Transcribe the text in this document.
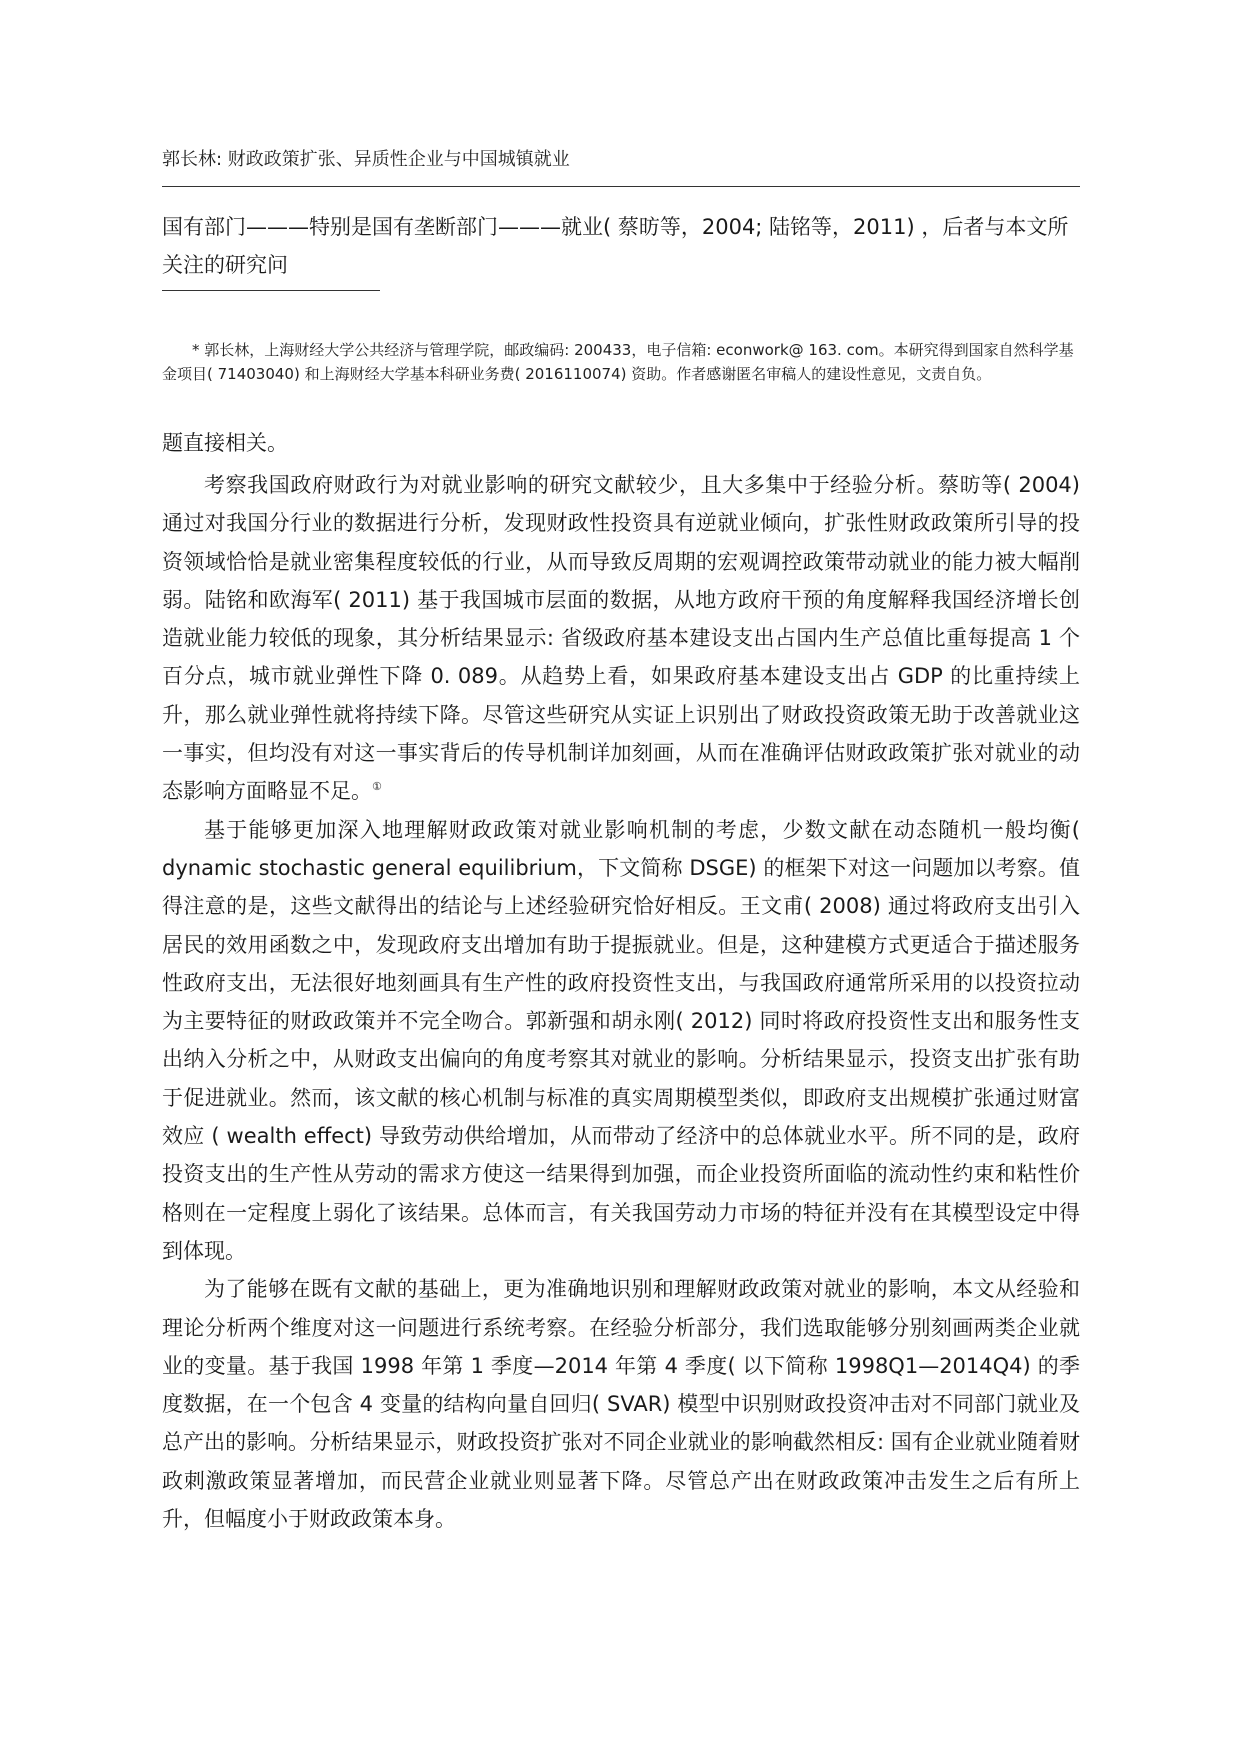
郭长林: 财政政策扩张、异质性企业与中国城镇就业
国有部门———特别是国有垄断部门———就业( 蔡昉等，2004; 陆铭等，2011) ，后者与本文所关注的研究问
* 郭长林，上海财经大学公共经济与管理学院，邮政编码: 200433，电子信箱: econwork@ 163. com。本研究得到国家自然科学基金项目( 71403040) 和上海财经大学基本科研业务费( 2016110074) 资助。作者感谢匿名审稿人的建设性意见，文责自负。
题直接相关。

考察我国政府财政行为对就业影响的研究文献较少，且大多集中于经验分析。蔡昉等( 2004) 通过对我国分行业的数据进行分析，发现财政性投资具有逆就业倾向，扩张性财政政策所引导的投资领域恰恰是就业密集程度较低的行业，从而导致反周期的宏观调控政策带动就业的能力被大幅削弱。陆铭和欧海军( 2011) 基于我国城市层面的数据，从地方政府干预的角度解释我国经济增长创造就业能力较低的现象，其分析结果显示: 省级政府基本建设支出占国内生产总值比重每提高 1 个百分点，城市就业弹性下降 0. 089。从趋势上看，如果政府基本建设支出占 GDP 的比重持续上升，那么就业弹性就将持续下降。尽管这些研究从实证上识别出了财政投资政策无助于改善就业这一事实，但均没有对这一事实背后的传导机制详加刻画，从而在准确评估财政政策扩张对就业的动态影响方面略显不足。①

基于能够更加深入地理解财政政策对就业影响机制的考虑，少数文献在动态随机一般均衡( dynamic stochastic general equilibrium，下文简称 DSGE) 的框架下对这一问题加以考察。值得注意的是，这些文献得出的结论与上述经验研究恰好相反。王文甫( 2008) 通过将政府支出引入居民的效用函数之中，发现政府支出增加有助于提振就业。但是，这种建模方式更适合于描述服务性政府支出，无法很好地刻画具有生产性的政府投资性支出，与我国政府通常所采用的以投资拉动为主要特征的财政政策并不完全吻合。郭新强和胡永刚( 2012) 同时将政府投资性支出和服务性支出纳入分析之中，从财政支出偏向的角度考察其对就业的影响。分析结果显示，投资支出扩张有助于促进就业。然而，该文献的核心机制与标准的真实周期模型类似，即政府支出规模扩张通过财富效应 ( wealth effect) 导致劳动供给增加，从而带动了经济中的总体就业水平。所不同的是，政府投资支出的生产性从劳动的需求方使这一结果得到加强，而企业投资所面临的流动性约束和粘性价格则在一定程度上弱化了该结果。总体而言，有关我国劳动力市场的特征并没有在其模型设定中得到体现。

为了能够在既有文献的基础上，更为准确地识别和理解财政政策对就业的影响，本文从经验和理论分析两个维度对这一问题进行系统考察。在经验分析部分，我们选取能够分别刻画两类企业就业的变量。基于我国 1998 年第 1 季度—2014 年第 4 季度( 以下简称 1998Q1—2014Q4) 的季度数据，在一个包含 4 变量的结构向量自回归( SVAR) 模型中识别财政投资冲击对不同部门就业及总产出的影响。分析结果显示，财政投资扩张对不同企业就业的影响截然相反: 国有企业就业随着财政刺激政策显著增加，而民营企业就业则显著下降。尽管总产出在财政政策冲击发生之后有所上升，但幅度小于财政政策本身。
